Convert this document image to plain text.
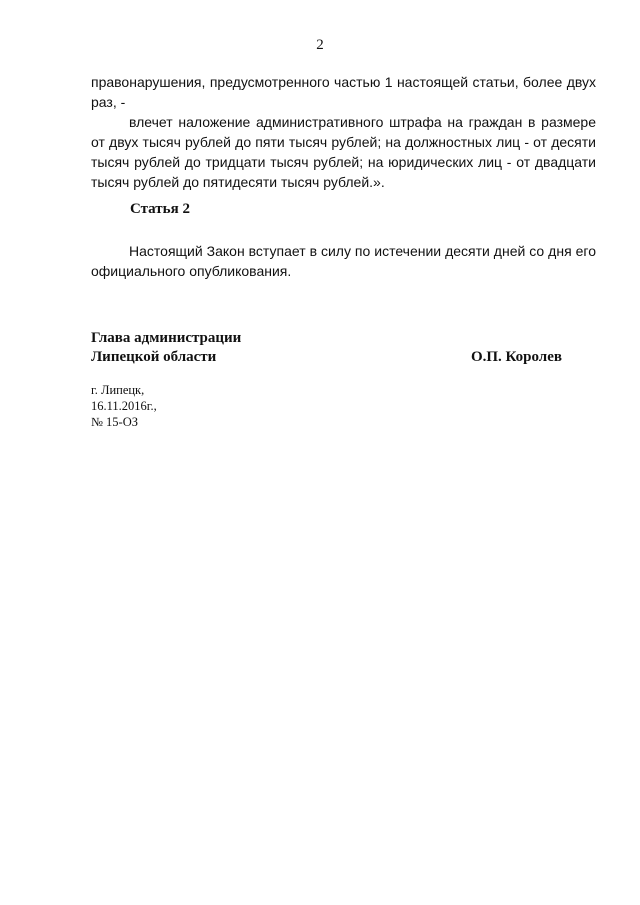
2

правонарушения, предусмотренного частью 1 настоящей статьи, более двух раз, -

влечет наложение административного штрафа на граждан в размере от двух тысяч рублей до пяти тысяч рублей; на должностных лиц - от десяти тысяч рублей до тридцати тысяч рублей; на юридических лиц - от двадцати тысяч рублей до пятидесяти тысяч рублей.».

Статья 2

Настоящий Закон вступает в силу по истечении десяти дней со дня его официального опубликования.

Глава администрации
Липецкой области	О.П. Королев
г. Липецк,
16.11.2016г.,
№ 15-ОЗ
